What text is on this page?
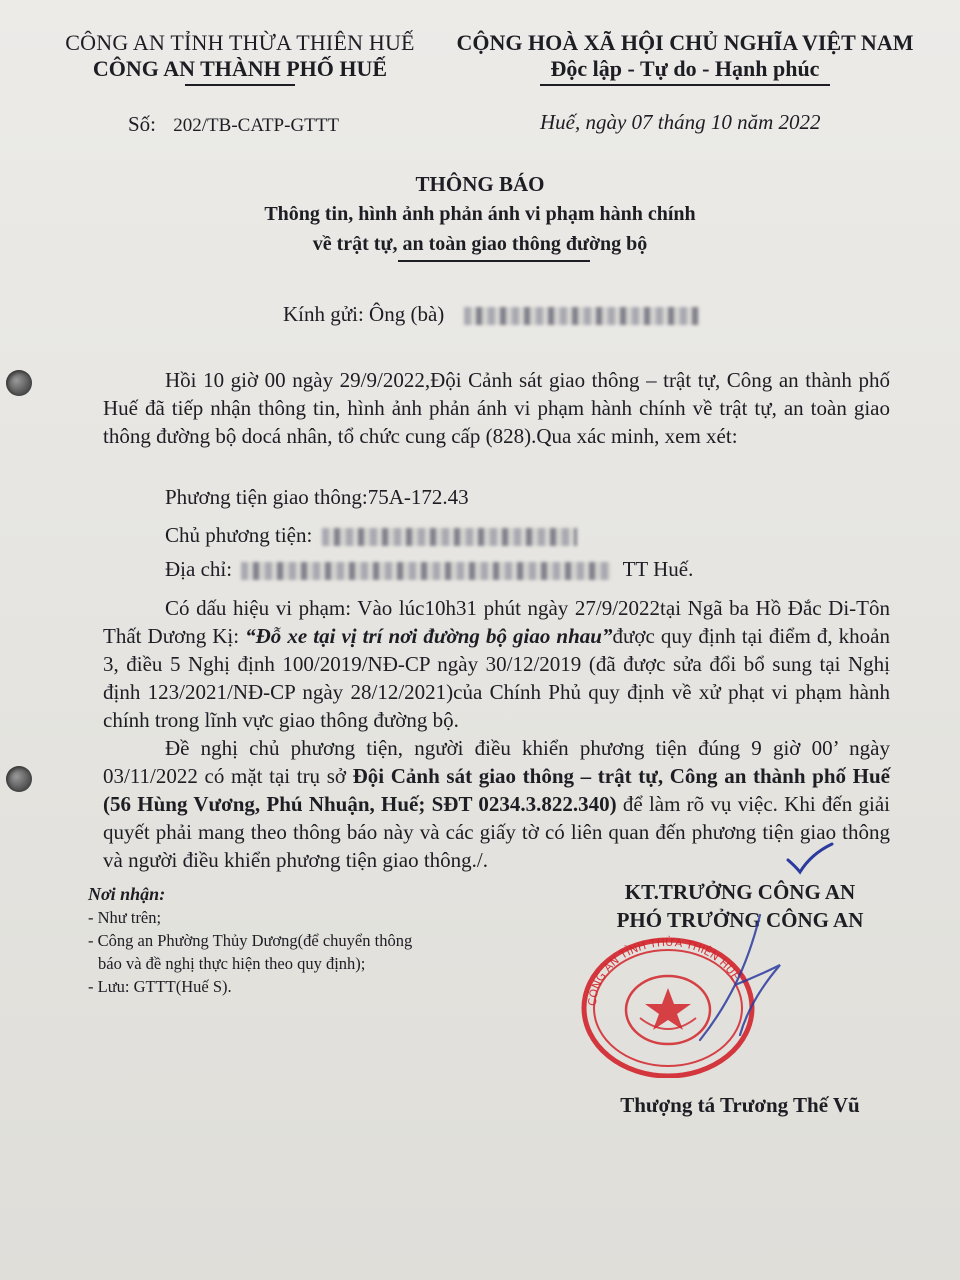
CÔNG AN TỈNH THỪA THIÊN HUẾ
CÔNG AN THÀNH PHỐ HUẾ
CỘNG HOÀ XÃ HỘI CHỦ NGHĨA VIỆT NAM
Độc lập - Tự do - Hạnh phúc
Số: 202/TB-CATP-GTTT	Huế, ngày 07 tháng 10 năm 2022
THÔNG BÁO
Thông tin, hình ảnh phản ánh vi phạm hành chính
về trật tự, an toàn giao thông đường bộ
Kính gửi: Ông (bà)
Hồi 10 giờ 00 ngày 29/9/2022,Đội Cảnh sát giao thông – trật tự, Công an thành phố Huế đã tiếp nhận thông tin, hình ảnh phản ánh vi phạm hành chính về trật tự, an toàn giao thông đường bộ docá nhân, tổ chức cung cấp (828).Qua xác minh, xem xét:
Phương tiện giao thông:75A-172.43
Chủ phương tiện:
Địa chỉ:	TT Huế.
Có dấu hiệu vi phạm: Vào lúc10h31 phút ngày 27/9/2022tại Ngã ba Hồ Đắc Di-Tôn Thất Dương Kị: “Đỗ xe tại vị trí nơi đường bộ giao nhau”được quy định tại điểm đ, khoản 3, điều 5 Nghị định 100/2019/NĐ-CP ngày 30/12/2019 (đã được sửa đổi bổ sung tại Nghị định 123/2021/NĐ-CP ngày 28/12/2021)của Chính Phủ quy định về xử phạt vi phạm hành chính trong lĩnh vực giao thông đường bộ.
Đề nghị chủ phương tiện, người điều khiển phương tiện đúng 9 giờ 00’ ngày 03/11/2022 có mặt tại trụ sở Đội Cảnh sát giao thông – trật tự, Công an thành phố Huế (56 Hùng Vương, Phú Nhuận, Huế; SĐT 0234.3.822.340) để làm rõ vụ việc. Khi đến giải quyết phải mang theo thông báo này và các giấy tờ có liên quan đến phương tiện giao thông và người điều khiển phương tiện giao thông./.
Nơi nhận:
- Như trên;
- Công an Phường Thủy Dương(để chuyển thông
báo và đề nghị thực hiện theo quy định);
- Lưu: GTTT(Huế S).
KT.TRƯỞNG CÔNG AN
PHÓ TRƯỞNG CÔNG AN
CÔNG AN TỈNH THỪA THIÊN HUẾ
Thượng tá Trương Thế Vũ
